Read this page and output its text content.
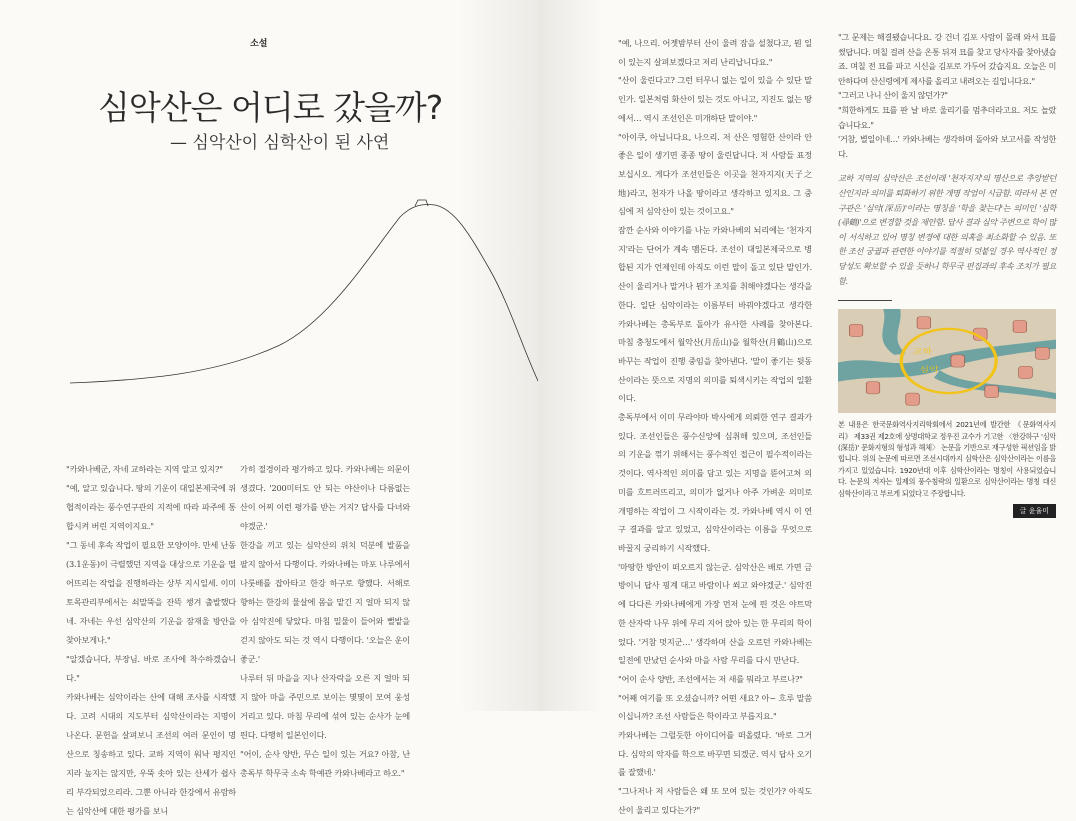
소설
심악산은 어디로 갔을까?
— 심악산이 심학산이 된 사연

"카와나베군, 자네 교하라는 지역 알고 있지?"

"예, 알고 있습니다. 땅의 기운이 대일본제국에 위협적이라는 풍수연구관의 지적에 따라 파주에 통합시켜 버린 지역이지요."

"그 동네 후속 작업이 필요한 모양이야. 만세 난동(3.1운동)이 극렬했던 지역을 대상으로 기운을 떨어뜨리는 작업을 진행하라는 상부 지시일세. 이미 토목관리부에서는 쇠말뚝을 잔뜩 챙겨 출발했다네. 자네는 우선 심악산의 기운을 잠재울 방안을 찾아보게나."

"알겠습니다, 부장님. 바로 조사에 착수하겠습니다."

카와나베는 심악이라는 산에 대해 조사를 시작했다. 고려 시대의 지도부터 심악산이라는 지명이 나온다. 문헌을 살펴보니 조선의 여러 문인이 명산으로 칭송하고 있다. 교하 지역이 워낙 평지인지라 높지는 않지만, 우뚝 솟아 있는 산세가 쉽사리 부각되었으리라. 그뿐 아니라 한강에서 유람하는 심악산에 대한 평가를 보니

가히 절경이라 평가하고 있다. 카와나베는 의문이 생겼다. '200미터도 안 되는 야산이나 다름없는 산이 어찌 이런 평가를 받는 거지? 답사를 다녀와야겠군.'

한강을 끼고 있는 심악산의 위치 덕분에 발품을 팔지 않아서 다행이다. 카와나베는 마포 나루에서 나룻배를 잡아타고 한강 하구로 향했다. 서해로 향하는 한강의 물살에 몸을 맡긴 지 얼마 되지 않아 심악진에 닿았다. 마침 밀물이 들어와 뻘밭을 걷지 않아도 되는 것 역시 다행이다. '오늘은 운이 좋군.'

나루터 뒤 마을을 지나 산자락을 오른 지 얼마 되지 않아 마을 주민으로 보이는 몇몇이 모여 웅성거리고 있다. 마침 무리에 섞여 있는 순사가 눈에 띈다. 다행히 일본인이다.

"어이, 순사 양반, 무슨 일이 있는 거요? 아참, 난 총독부 학무국 소속 학예관 카와나베라고 하오."

"예, 나으리. 어젯밤부터 산이 울려 잠을 설쳤다고, 뭔 일이 있는지 살펴보겠다고 저리 난리납니다요."

"산이 울린다고? 그런 터무니 없는 일이 있을 수 있단 말인가. 일본처럼 화산이 있는 것도 아니고, 지진도 없는 땅에서… 역시 조선인은 미개하단 말이야."

"아이쿠, 아닙니다요, 나으리. 저 산은 영험한 산이라 안 좋은 일이 생기면 종종 땅이 울린답니다. 저 사람들 표정 보십시오. 게다가 조선인들은 이곳을 천자지지(天子之地)라고, 천자가 나올 땅이라고 생각하고 있지요. 그 중심에 저 심악산이 있는 것이고요."

잠깐 순사와 이야기를 나눈 카와나베의 뇌리에는 '천자지지'라는 단어가 계속 맴돈다. 조선이 대일본제국으로 병합된 지가 언제인데 아직도 이런 말이 돌고 있단 말인가. 산이 울리거나 말거나 뭔가 조치를 취해야겠다는 생각을 한다. 일단 심악이라는 이름부터 바꿔야겠다고 생각한 카와나베는 총독부로 돌아가 유사한 사례를 찾아본다. 마침 충청도에서 월악산(月岳山)을 월학산(月鶴山)으로 바꾸는 작업이 진행 중임을 찾아낸다. '말이 좋기는 뒷동산이라는 뜻으로 지명의 의미를 퇴색시키는 작업의 일환이다.

총독부에서 이미 무라야마 박사에게 의뢰한 연구 결과가 있다. 조선인들은 풍수신앙에 심취해 있으며, 조선인들의 기운을 꺾기 위해서는 풍수적인 접근이 필수적이라는 것이다. 역사적인 의미를 담고 있는 지명을 뜯어고쳐 의미를 흐트러뜨리고, 의미가 없거나 아주 가벼운 의미로 개명하는 작업이 그 시작이라는 것. 카와나베 역시 이 연구 결과를 알고 있었고, 심악산이라는 이름을 무엇으로 바꿀지 궁리하기 시작했다.

'마땅한 방안이 떠오르지 않는군. 심악산은 배로 가면 금방이니 답사 핑계 대고 바람이나 쐬고 와야겠군.' 심악진에 다다른 카와나베에게 가장 먼저 눈에 띈 것은 야트막한 산자락 나무 위에 무리 지어 앉아 있는 한 무리의 학이었다. '거참 멋지군…' 생각하며 산을 오르던 카와나베는 일전에 만났던 순사와 마을 사람 무리를 다시 만난다.

"어이 순사 양반, 조선에서는 저 새를 뭐라고 부르나?"

"어째 여기를 또 오셨습니까? 어떤 새요? 아~ 흐루 말씀이십니까? 조선 사람들은 학이라고 부릅지요."

카와나베는 그럴듯한 아이디어를 떠올렸다. '바로 그거다. 심악의 악자를 학으로 바꾸면 되겠군. 역시 답사 오기를 잘했네.'

"그나저나 저 사람들은 왜 또 모여 있는 것인가? 아직도 산이 울리고 있다는가?"

"그 문제는 해결됐습니다요. 강 건너 김포 사람이 몰래 와서 묘를 썼답니다. 며칠 걸려 산을 온통 뒤져 묘를 찾고 당사자를 찾아냈습죠. 며칠 전 묘를 파고 시신을 김포로 가두어 갔습지요. 오늘은 미안하다며 산신령에게 제사를 올리고 내려오는 길입니다요."

"그러고 나니 산이 울지 않던가?"

"희한하게도 묘를 판 날 바로 울리기를 멈추더라고요. 저도 놀랐습니다요."

'거참, 별일이네…' 카와나베는 생각하며 돌아와 보고서를 작성한다.

교하 지역의 심악산은 조선이래 '천자지지'의 명산으로 추앙받던 산인지라 의미를 퇴화하기 위한 개명 작업이 시급함. 따라서 본 연구관은 '심악(深岳)'이라는 명칭을 '학을 찾는다'는 의미인 '심학(尋鶴)'으로 변경할 것을 제안함. 답사 결과 심악 주변으로 학이 많이 서식하고 있어 명칭 변경에 대한 의혹을 최소화할 수 있음. 또한 조선 궁궐과 관련한 이야기를 적절히 덧붙일 경우 역사적인 정당성도 확보할 수 있을 듯하니 학무국 편집과의 후속 조치가 필요함.

교하
심악

본 내용은 한국문화역사지리학회에서 2021년에 발간한 《문화역사지리》 제33권 제2호에 상명대학교 정우진 교수가 기고한 〈한강하구 '심악(深岳)' 문화지형의 형성과 해체〉 논문을 기반으로 재구성한 픽션임을 밝힙니다. 위의 논문에 따르면 조선시대까지 심학산은 심악산이라는 이름을 가지고 있었습니다. 1920년대 이후 심학산이라는 명칭이 사용되었습니다. 논문의 저자는 일제의 풍수침략의 일환으로 심악산이라는 명칭 대신 심학산이라고 부르게 되었다고 주장합니다.

글 윤율미
